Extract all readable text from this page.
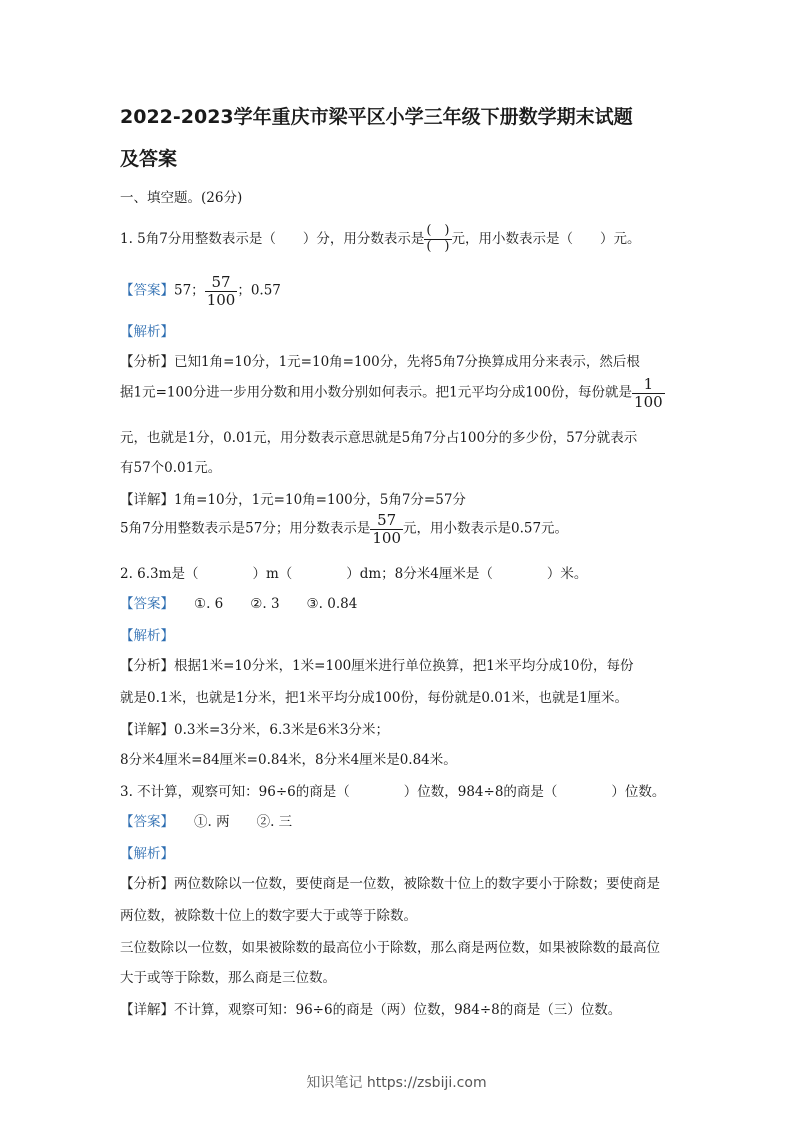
2022-2023学年重庆市梁平区小学三年级下册数学期末试题
及答案
一、填空题。(26分)
1. 5角7分用整数表示是（　　）分，用分数表示是 $\frac{( )}{( )}$元，用小数表示是（　　）元。
【答案】57； $\frac{57}{100}$ ；0.57
【解析】
【分析】已知1角=10分，1元=10角=100分，先将5角7分换算成用分来表示，然后根
据1元=100分进一步用分数和用小数分别如何表示。把1元平均分成100份，每份就是 $\frac{1}{100}$
元，也就是1分，0.01元，用分数表示意思就是5角7分占100分的多少份，57分就表示
有57个0.01元。
【详解】1角=10分，1元=10角=100分，5角7分=57分
5角7分用整数表示是57分；用分数表示是 $\frac{57}{100}$ 元，用小数表示是0.57元。
2. 6.3m是（　　　　）m（　　　　）dm；8分米4厘米是（　　　　）米。
【答案】 ①. 6　　②. 3　　③. 0.84
【解析】
【分析】根据1米=10分米，1米=100厘米进行单位换算，把1米平均分成10份，每份
就是0.1米，也就是1分米，把1米平均分成100份，每份就是0.01米，也就是1厘米。
【详解】0.3米=3分米，6.3米是6米3分米；
8分米4厘米=84厘米=0.84米，8分米4厘米是0.84米。
3. 不计算，观察可知：96÷6的商是（　　　　）位数，984÷8的商是（　　　　）位数。
【答案】 ①. 两　　②. 三
【解析】
【分析】两位数除以一位数，要使商是一位数，被除数十位上的数字要小于除数；要使商是
两位数，被除数十位上的数字要大于或等于除数。
三位数除以一位数，如果被除数的最高位小于除数，那么商是两位数，如果被除数的最高位
大于或等于除数，那么商是三位数。
【详解】不计算，观察可知：96÷6的商是（两）位数，984÷8的商是（三）位数。
知识笔记 https://zsbiji.com
